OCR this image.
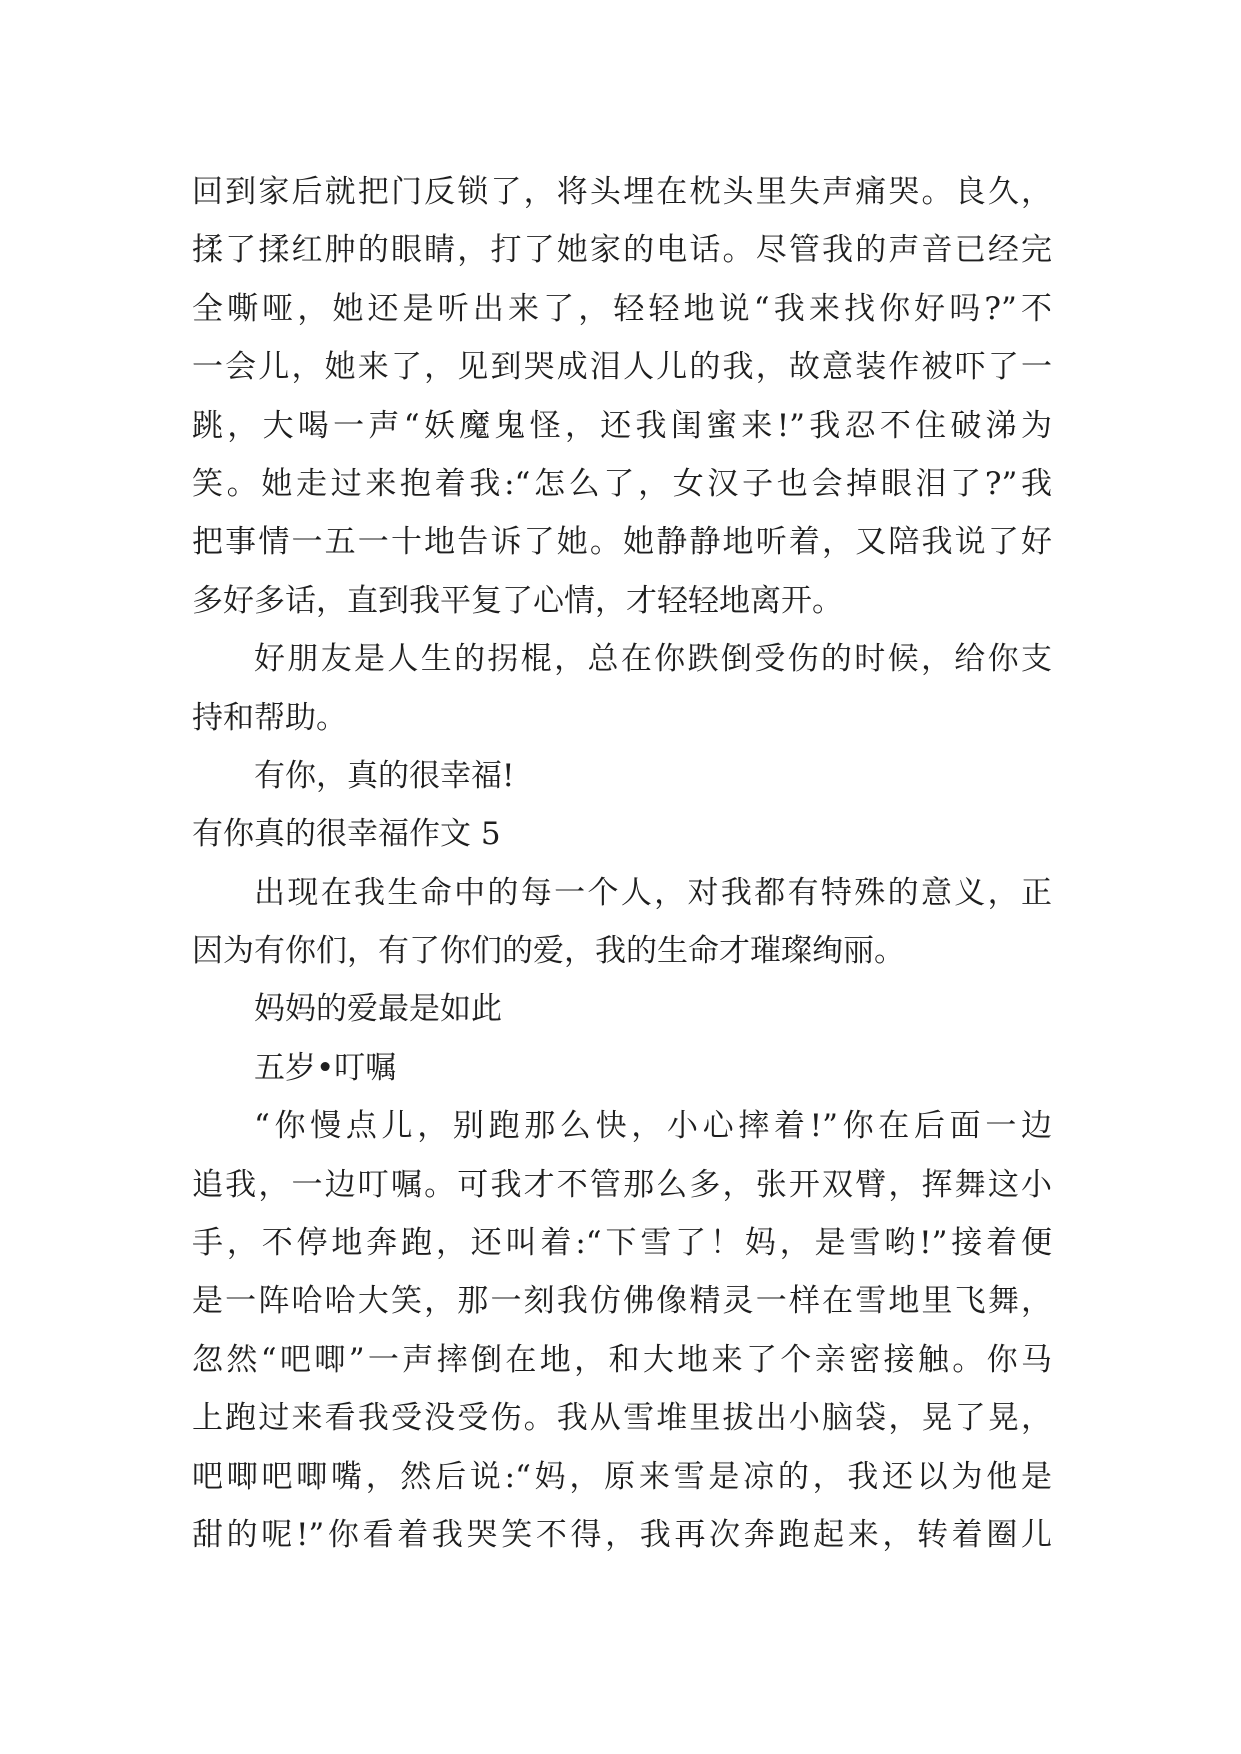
回到家后就把门反锁了，将头埋在枕头里失声痛哭。良久，
揉了揉红肿的眼睛，打了她家的电话。尽管我的声音已经完
全嘶哑，她还是听出来了，轻轻地说“我来找你好吗?”不
一会儿，她来了，见到哭成泪人儿的我，故意装作被吓了一
跳，大喝一声“妖魔鬼怪，还我闺蜜来!”我忍不住破涕为
笑。她走过来抱着我:“怎么了，女汉子也会掉眼泪了?”我
把事情一五一十地告诉了她。她静静地听着，又陪我说了好
多好多话，直到我平复了心情，才轻轻地离开。
好朋友是人生的拐棍，总在你跌倒受伤的时候，给你支
持和帮助。
有你，真的很幸福!
有你真的很幸福作文 5
出现在我生命中的每一个人，对我都有特殊的意义，正
因为有你们，有了你们的爱，我的生命才璀璨绚丽。
妈妈的爱最是如此
五岁•叮嘱
“你慢点儿，别跑那么快，小心摔着!”你在后面一边
追我，一边叮嘱。可我才不管那么多，张开双臂，挥舞这小
手，不停地奔跑，还叫着:“下雪了！妈，是雪哟!”接着便
是一阵哈哈大笑，那一刻我仿佛像精灵一样在雪地里飞舞，
忽然“吧唧”一声摔倒在地，和大地来了个亲密接触。你马
上跑过来看我受没受伤。我从雪堆里拔出小脑袋，晃了晃，
吧唧吧唧嘴，然后说:“妈，原来雪是凉的，我还以为他是
甜的呢!”你看着我哭笑不得，我再次奔跑起来，转着圈儿
